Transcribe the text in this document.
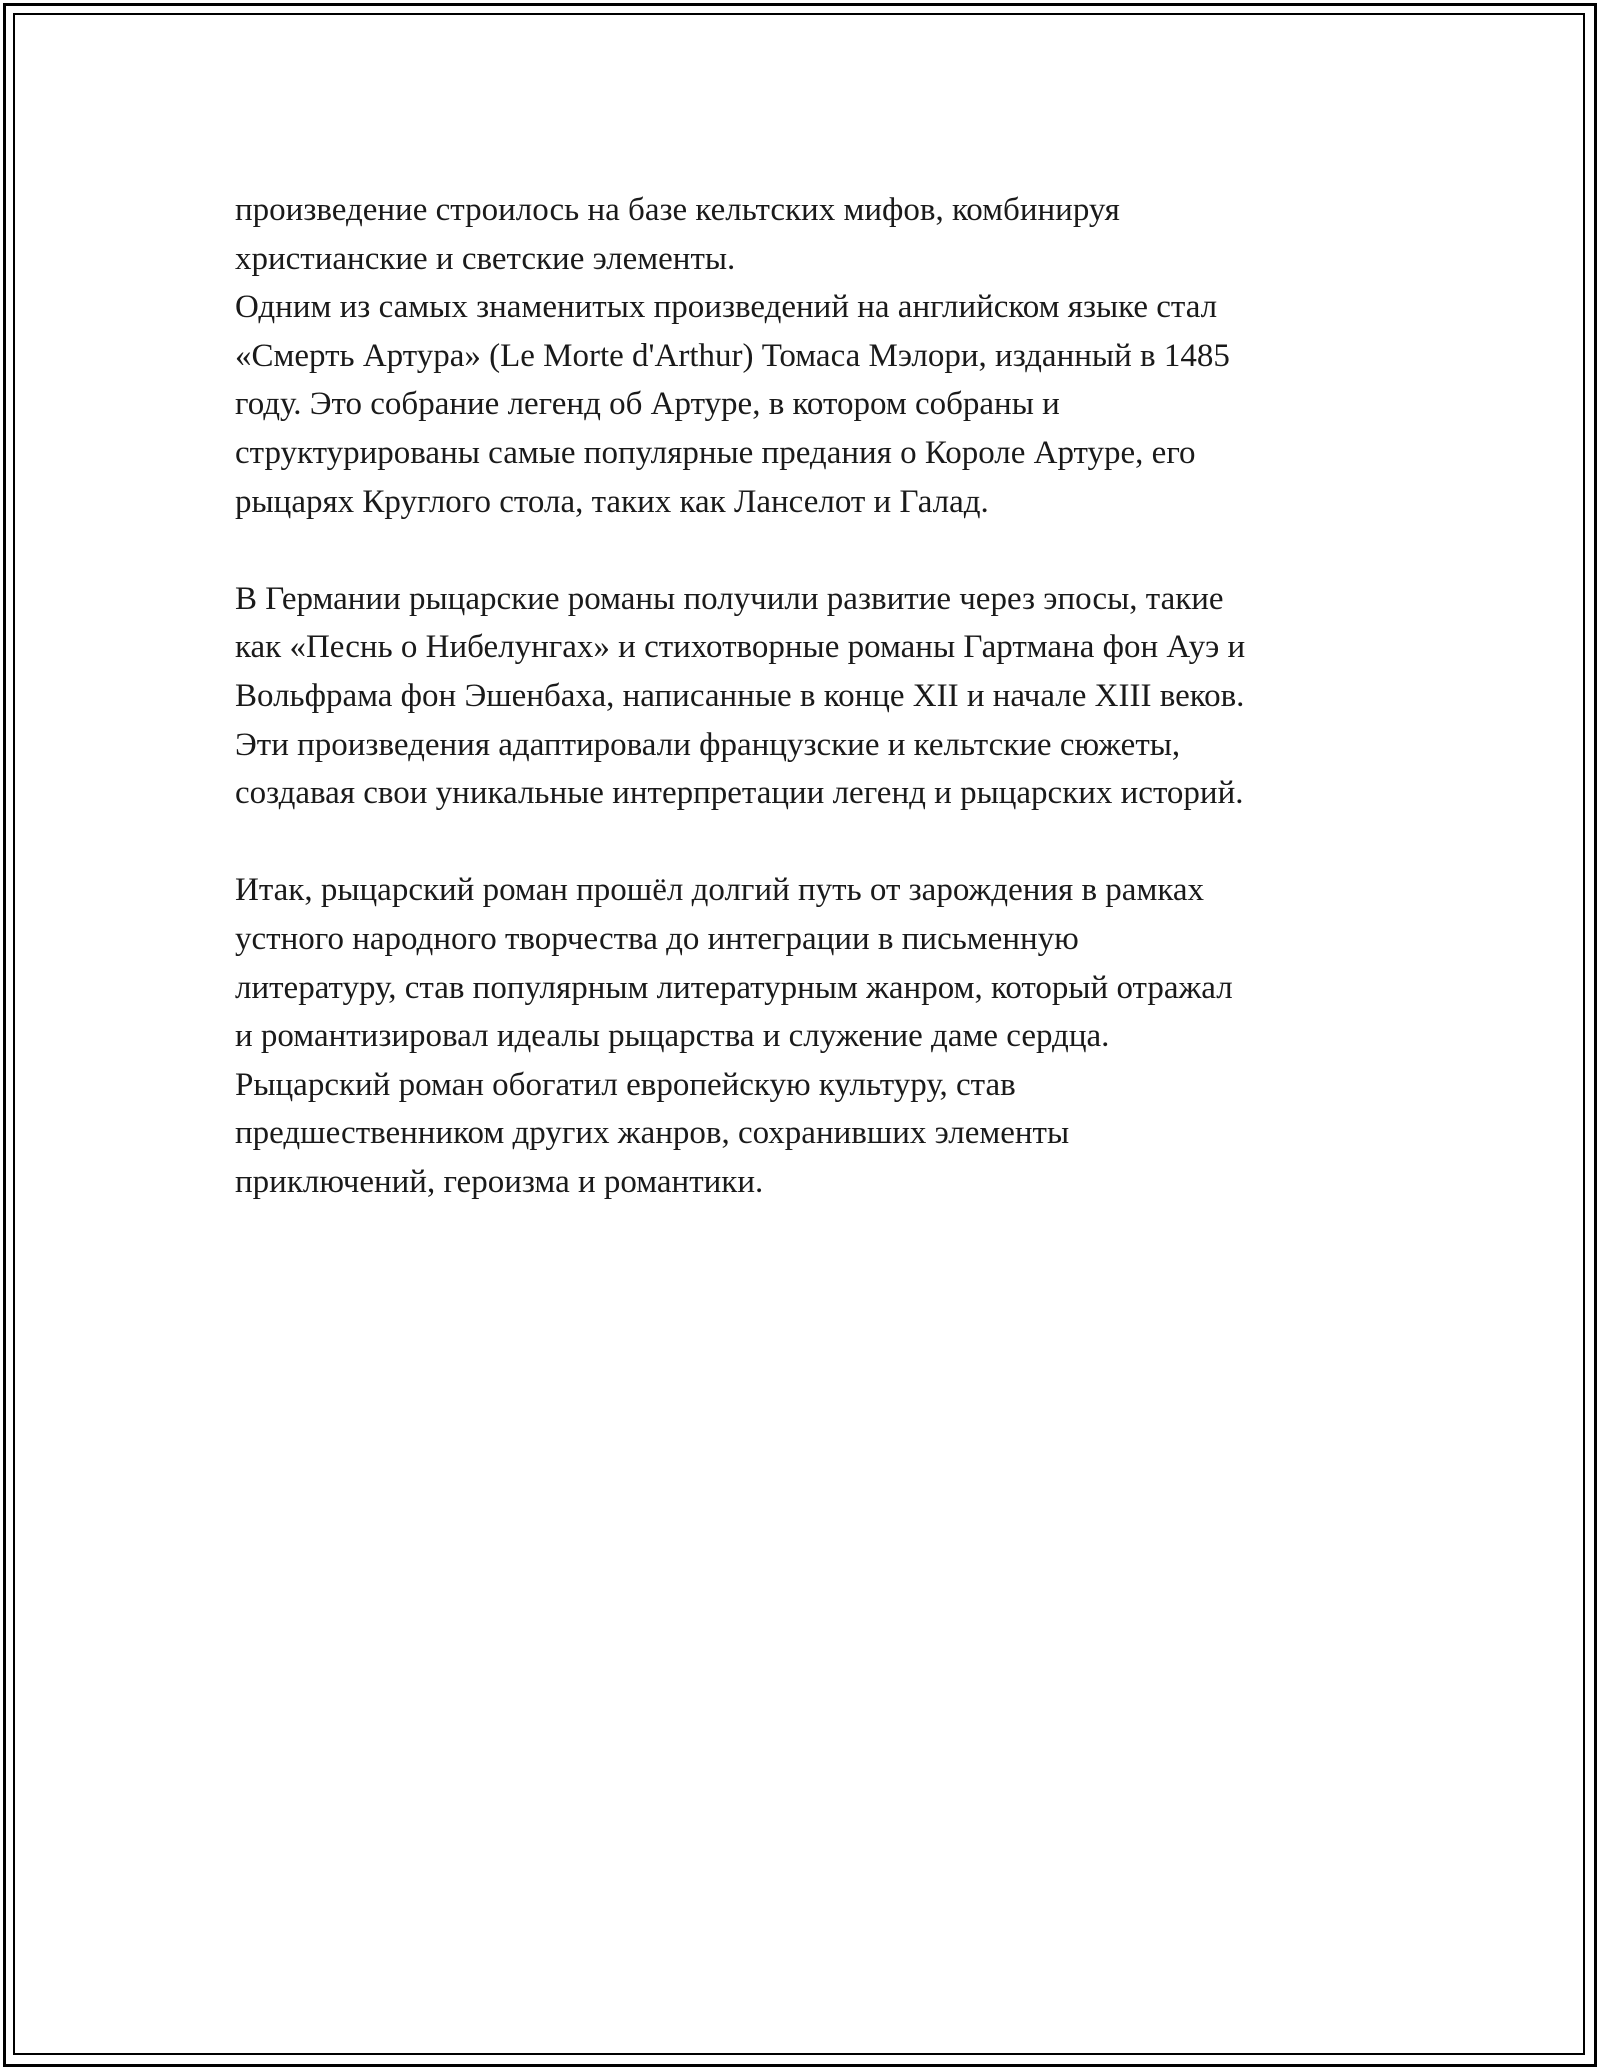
произведение строилось на базе кельтских мифов, комбинируя
христианские и светские элементы.
Одним из самых знаменитых произведений на английском языке стал
«Смерть Артура» (Le Morte d'Arthur) Томаса Мэлори, изданный в 1485
году. Это собрание легенд об Артуре, в котором собраны и
структурированы самые популярные предания о Короле Артуре, его
рыцарях Круглого стола, таких как Ланселот и Галад.
В Германии рыцарские романы получили развитие через эпосы, такие
как «Песнь о Нибелунгах» и стихотворные романы Гартмана фон Ауэ и
Вольфрама фон Эшенбаха, написанные в конце XII и начале XIII веков.
Эти произведения адаптировали французские и кельтские сюжеты,
создавая свои уникальные интерпретации легенд и рыцарских историй.
Итак, рыцарский роман прошёл долгий путь от зарождения в рамках
устного народного творчества до интеграции в письменную
литературу, став популярным литературным жанром, который отражал
и романтизировал идеалы рыцарства и служение даме сердца.
Рыцарский роман обогатил европейскую культуру, став
предшественником других жанров, сохранивших элементы
приключений, героизма и романтики.
